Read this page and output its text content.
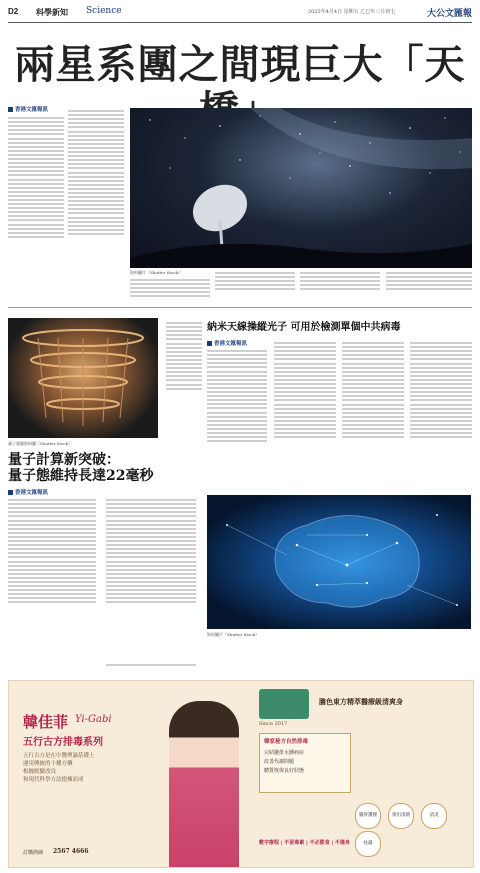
D2 科學新知 Science	2025年4月4日 星期五 乙巳年三月初七	大公文匯報
兩星系團之間現巨大「天
香港文匯報訊
資料圖片（Shutter Stock）
量子電腦資料圖（Shutter Stock）
量子計算新突破：
量子態維持長達22毫秒
香港文匯報訊
納米天線操縱光子 可用於檢測單個中共病毒
香港文匯報訊
資料圖片（Shutter Stock）
韓佳菲 Yi-Gabi
五行古方排毒系列
五行古方是在中醫理論基礎上
運用傳統的十種方藥
根據經驗改良
和現代科學方法提煉而成
膽色東方精萃醫療級清爽身
Since 2017
韓家秘方自然排毒
完結鹽排水腫病症
改善代謝問題
體質恢復良好狀態
腸胃護理	排出清熱	消炎 祛濕
數字療程 | 不留毒素 | 不必節食 | 不傷身
訂購熱線 2567 4666
